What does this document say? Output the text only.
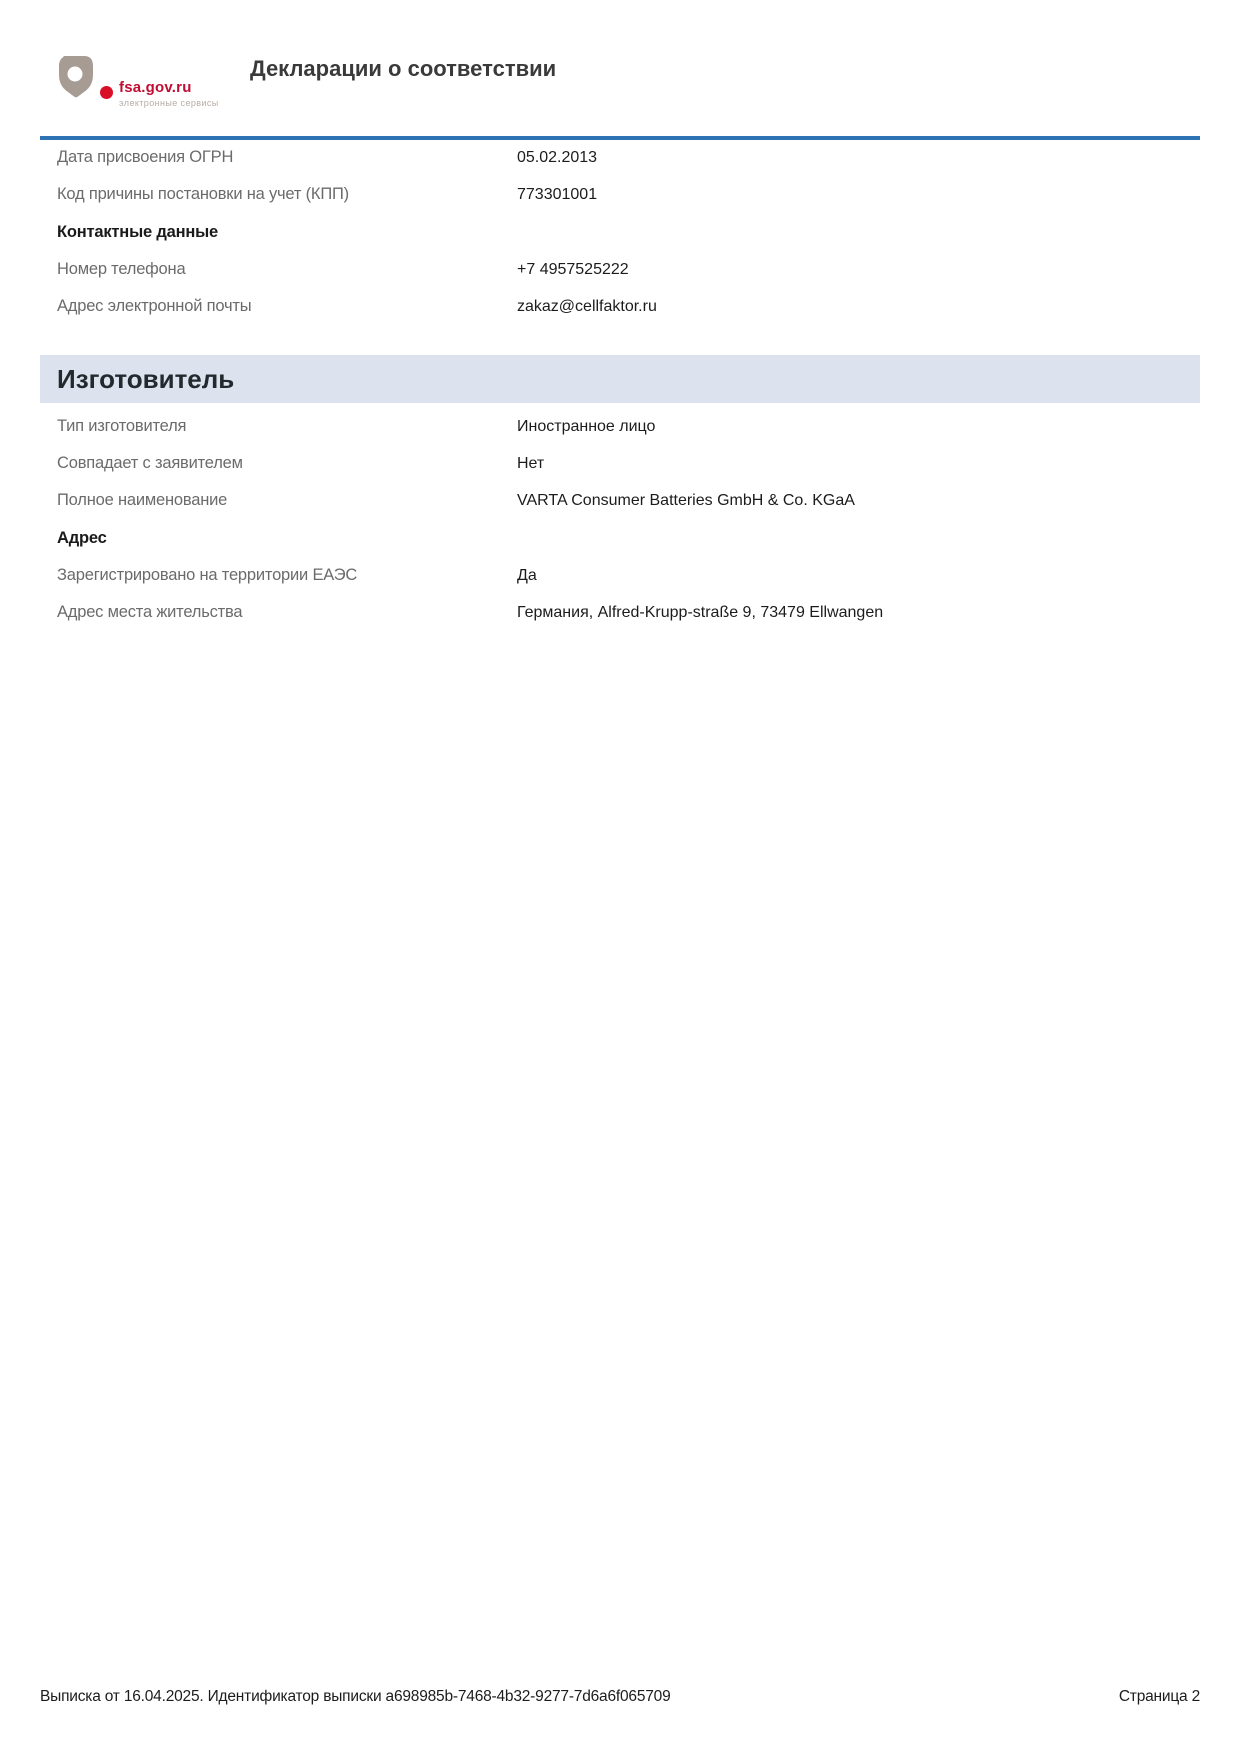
fsa.gov.ru
электронные сервисы
Декларации о соответствии
Дата присвоения ОГРН	05.02.2013
Код причины постановки на учет (КПП)	773301001
Контактные данные
Номер телефона	+7 4957525222
Адрес электронной почты	zakaz@cellfaktor.ru
Изготовитель
Тип изготовителя	Иностранное лицо
Совпадает с заявителем	Нет
Полное наименование	VARTA Consumer Batteries GmbH & Co. KGaA
Адрес
Зарегистрировано на территории ЕАЭС	Да
Адрес места жительства	Германия, Alfred-Krupp-straße 9, 73479 Ellwangen
Выписка от 16.04.2025. Идентификатор выписки a698985b-7468-4b32-9277-7d6a6f065709	Страница 2
